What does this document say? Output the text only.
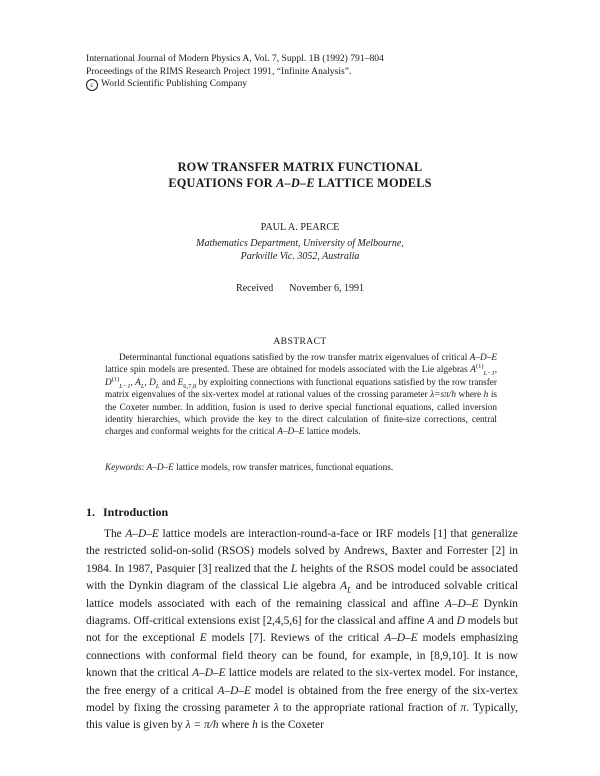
International Journal of Modern Physics A, Vol. 7, Suppl. 1B (1992) 791–804
Proceedings of the RIMS Research Project 1991, “Infinite Analysis”.
c World Scientific Publishing Company
ROW TRANSFER MATRIX FUNCTIONAL
EQUATIONS FOR A–D–E LATTICE MODELS
PAUL A. PEARCE
Mathematics Department, University of Melbourne,
Parkville Vic. 3052, Australia
Received November 6, 1991
ABSTRACT
Determinantal functional equations satisfied by the row transfer matrix eigenvalues of critical A–D–E lattice spin models are presented. These are obtained for models associated with the Lie algebras $A^{(1)}_{L-1}$, $D^{(1)}_{L-1}$, $A_L$, $D_L$ and $E_{6,7,8}$ by exploiting connections with functional equations satisfied by the row transfer matrix eigenvalues of the six-vertex model at rational values of the crossing parameter λ=sπ/h where h is the Coxeter number. In addition, fusion is used to derive special functional equations, called inversion identity hierarchies, which provide the key to the direct calculation of finite-size corrections, central charges and conformal weights for the critical A–D–E lattice models.
Keywords: A–D–E lattice models, row transfer matrices, functional equations.
1. Introduction
The A–D–E lattice models are interaction-round-a-face or IRF models [1] that generalize the restricted solid-on-solid (RSOS) models solved by Andrews, Baxter and Forrester [2] in 1984. In 1987, Pasquier [3] realized that the L heights of the RSOS model could be associated with the Dynkin diagram of the classical Lie algebra $A_L$ and be introduced solvable critical lattice models associated with each of the remaining classical and affine A–D–E Dynkin diagrams. Off-critical extensions exist [2,4,5,6] for the classical and affine A and D models but not for the exceptional E models [7]. Reviews of the critical A–D–E models emphasizing connections with conformal field theory can be found, for example, in [8,9,10]. It is now known that the critical A–D–E lattice models are related to the six-vertex model. For instance, the free energy of a critical A–D–E model is obtained from the free energy of the six-vertex model by fixing the crossing parameter λ to the appropriate rational fraction of π. Typically, this value is given by λ = π/h where h is the Coxeter
